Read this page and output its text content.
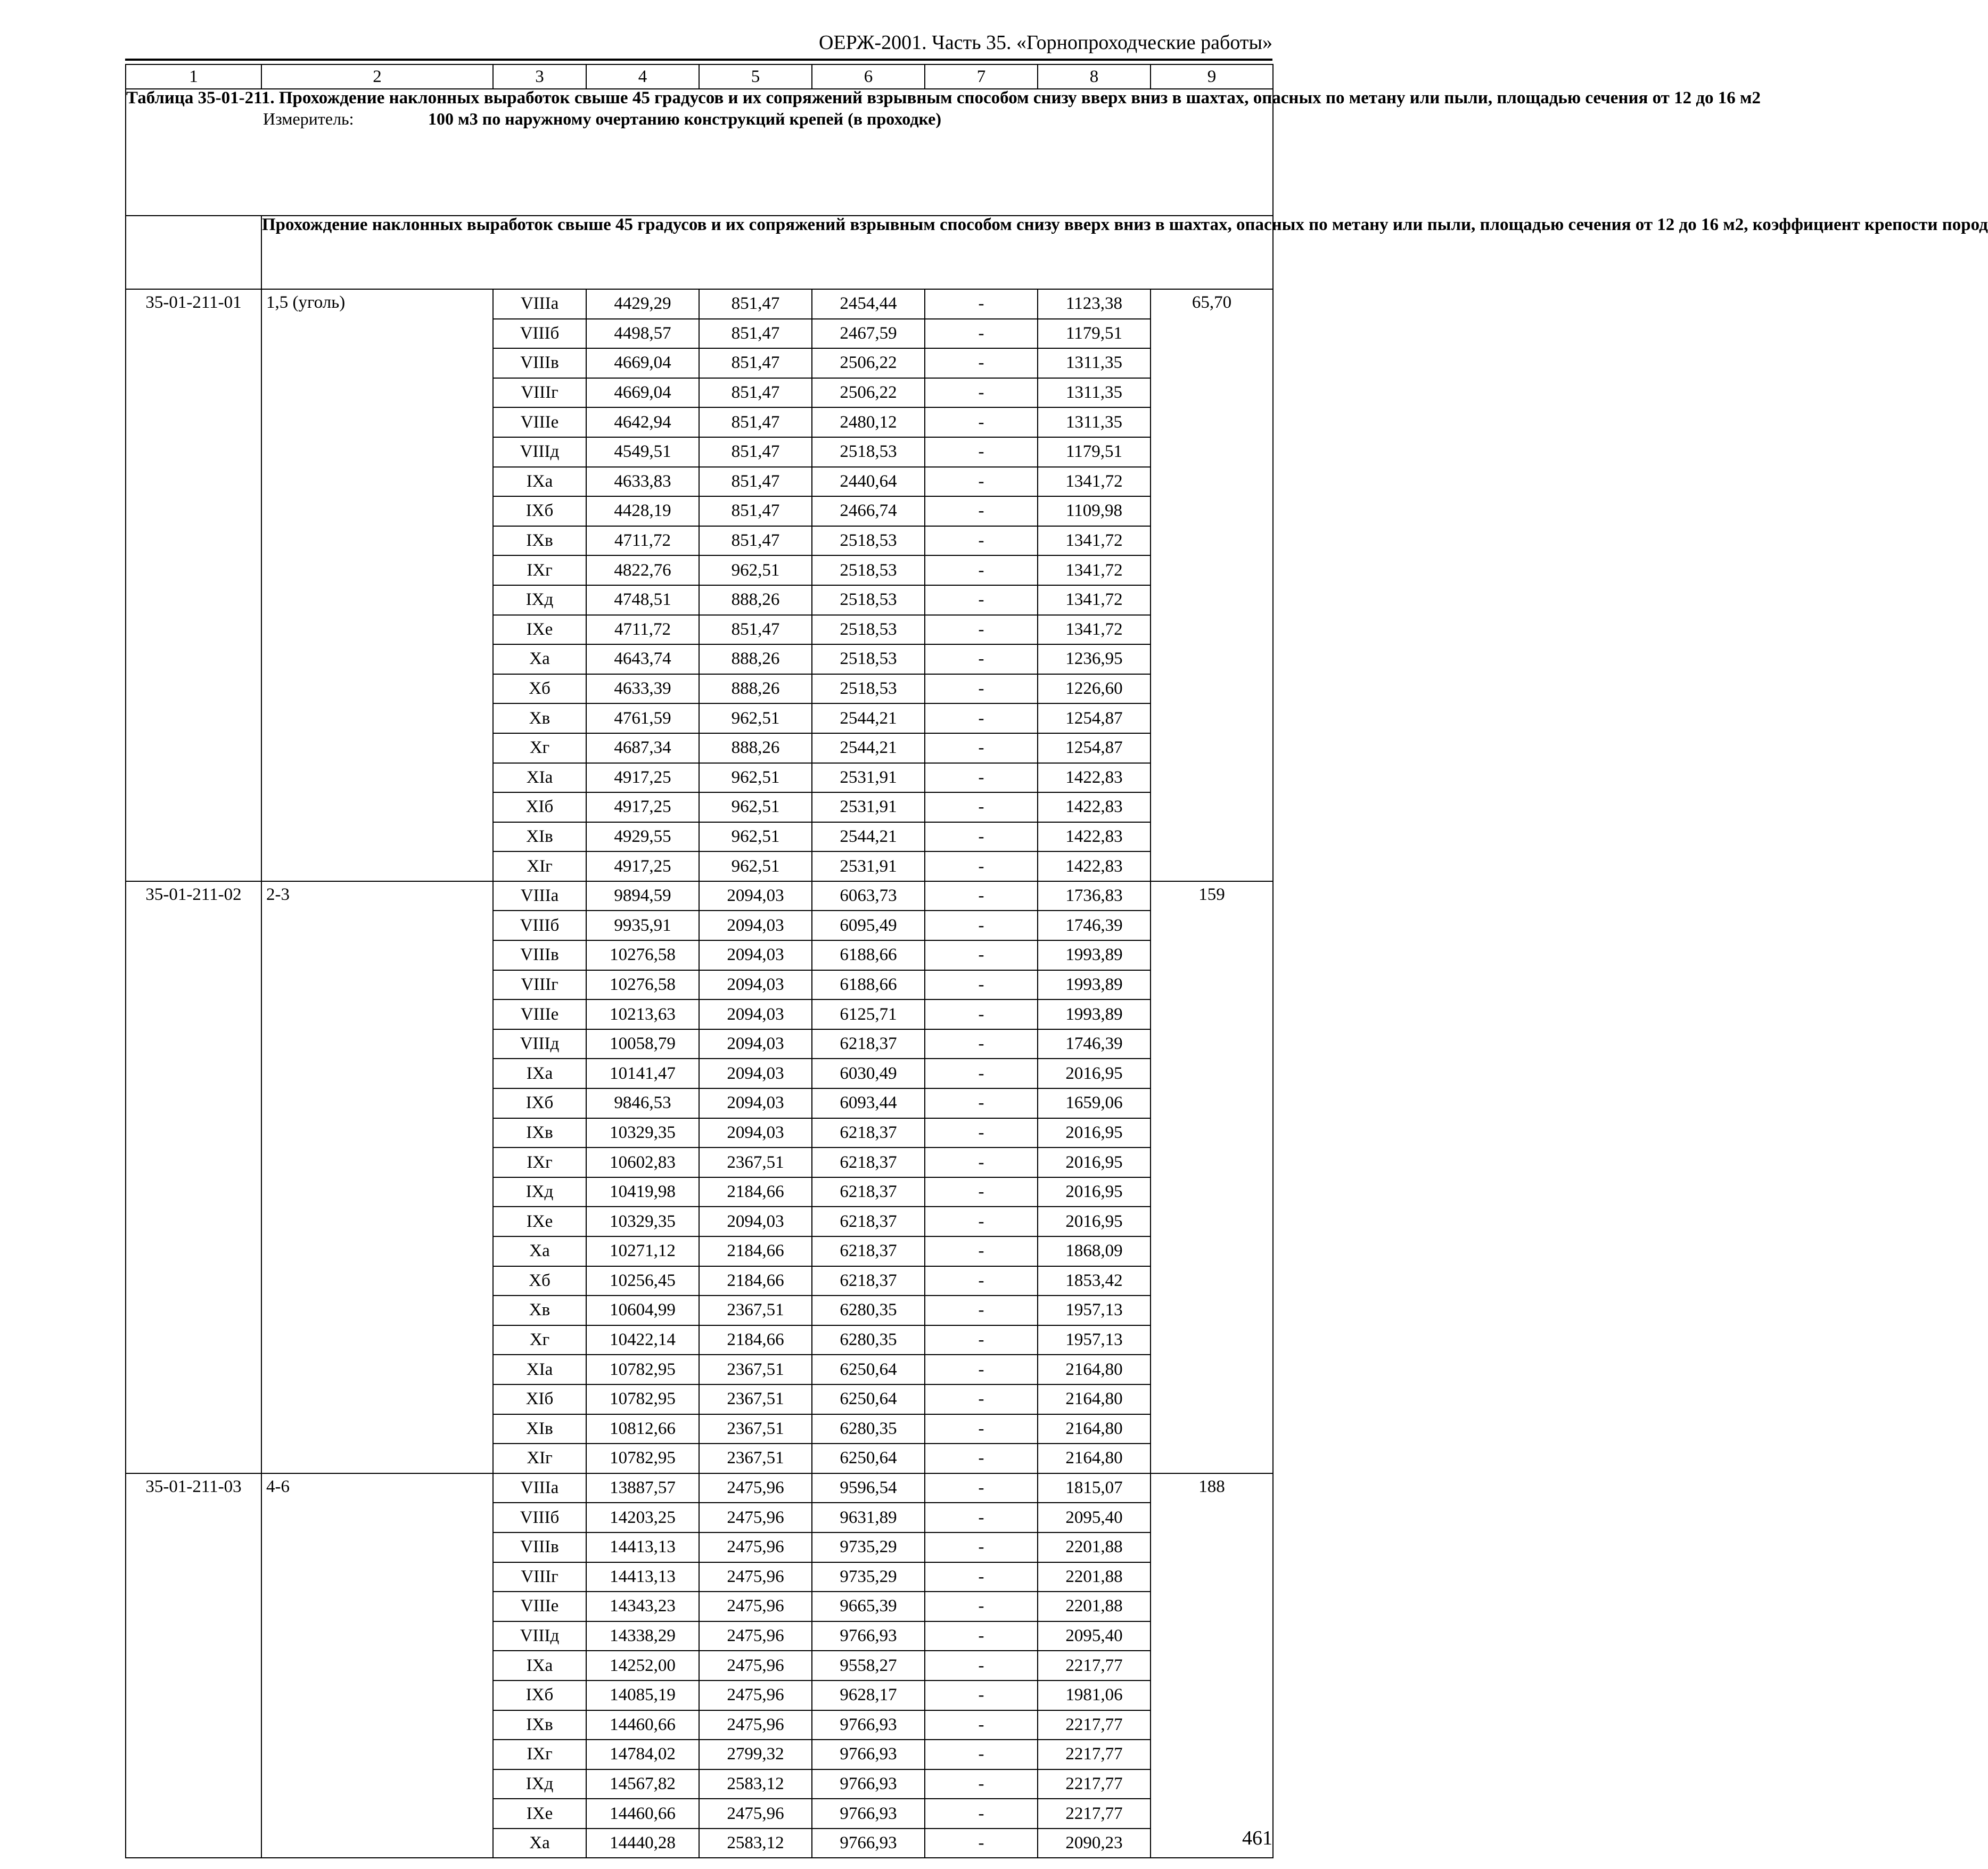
ОЕРЖ-2001. Часть 35. «Горнопроходческие работы»
1	2	3	4	5	6	7	8	9
Таблица 35-01-211. Прохождение наклонных выработок свыше 45 градусов и их сопряжений взрывным способом снизу вверх вниз в шахтах, опасных по метану или пыли, площадью сечения от 12 до 16 м2
Измеритель: 100 м3 по наружному очертанию конструкций крепей (в проходке)								

	Прохождение наклонных выработок свыше 45 градусов и их сопряжений взрывным способом снизу вверх вниз в шахтах, опасных по метану или пыли, площадью сечения от 12 до 16 м2, коэффициент крепости пород							
35-01-211-01	1,5 (уголь)	VIIIа	4429,29	851,47	2454,44	-	1123,38	65,70
		VIIIб	4498,57	851,47	2467,59	-	1179,51	
		VIIIв	4669,04	851,47	2506,22	-	1311,35	
		VIIIг	4669,04	851,47	2506,22	-	1311,35	
		VIIIе	4642,94	851,47	2480,12	-	1311,35	
		VIIIд	4549,51	851,47	2518,53	-	1179,51	
		IXа	4633,83	851,47	2440,64	-	1341,72	
		IXб	4428,19	851,47	2466,74	-	1109,98	
		IXв	4711,72	851,47	2518,53	-	1341,72	
		IXг	4822,76	962,51	2518,53	-	1341,72	
		IXд	4748,51	888,26	2518,53	-	1341,72	
		IXе	4711,72	851,47	2518,53	-	1341,72	
		Xа	4643,74	888,26	2518,53	-	1236,95	
		Xб	4633,39	888,26	2518,53	-	1226,60	
		Xв	4761,59	962,51	2544,21	-	1254,87	
		Xг	4687,34	888,26	2544,21	-	1254,87	
		XIа	4917,25	962,51	2531,91	-	1422,83	
		XIб	4917,25	962,51	2531,91	-	1422,83	
		XIв	4929,55	962,51	2544,21	-	1422,83	
		XIг	4917,25	962,51	2531,91	-	1422,83	
35-01-211-02	2-3	VIIIа	9894,59	2094,03	6063,73	-	1736,83	159
		VIIIб	9935,91	2094,03	6095,49	-	1746,39	
		VIIIв	10276,58	2094,03	6188,66	-	1993,89	
		VIIIг	10276,58	2094,03	6188,66	-	1993,89	
		VIIIе	10213,63	2094,03	6125,71	-	1993,89	
		VIIIд	10058,79	2094,03	6218,37	-	1746,39	
		IXа	10141,47	2094,03	6030,49	-	2016,95	
		IXб	9846,53	2094,03	6093,44	-	1659,06	
		IXв	10329,35	2094,03	6218,37	-	2016,95	
		IXг	10602,83	2367,51	6218,37	-	2016,95	
		IXд	10419,98	2184,66	6218,37	-	2016,95	
		IXе	10329,35	2094,03	6218,37	-	2016,95	
		Xа	10271,12	2184,66	6218,37	-	1868,09	
		Xб	10256,45	2184,66	6218,37	-	1853,42	
		Xв	10604,99	2367,51	6280,35	-	1957,13	
		Xг	10422,14	2184,66	6280,35	-	1957,13	
		XIа	10782,95	2367,51	6250,64	-	2164,80	
		XIб	10782,95	2367,51	6250,64	-	2164,80	
		XIв	10812,66	2367,51	6280,35	-	2164,80	
		XIг	10782,95	2367,51	6250,64	-	2164,80	
35-01-211-03	4-6	VIIIа	13887,57	2475,96	9596,54	-	1815,07	188
		VIIIб	14203,25	2475,96	9631,89	-	2095,40	
		VIIIв	14413,13	2475,96	9735,29	-	2201,88	
		VIIIг	14413,13	2475,96	9735,29	-	2201,88	
		VIIIе	14343,23	2475,96	9665,39	-	2201,88	
		VIIIд	14338,29	2475,96	9766,93	-	2095,40	
		IXа	14252,00	2475,96	9558,27	-	2217,77	
		IXб	14085,19	2475,96	9628,17	-	1981,06	
		IXв	14460,66	2475,96	9766,93	-	2217,77	
		IXг	14784,02	2799,32	9766,93	-	2217,77	
		IXд	14567,82	2583,12	9766,93	-	2217,77	
		IXе	14460,66	2475,96	9766,93	-	2217,77	
		Xа	14440,28	2583,12	9766,93	-	2090,23		461
